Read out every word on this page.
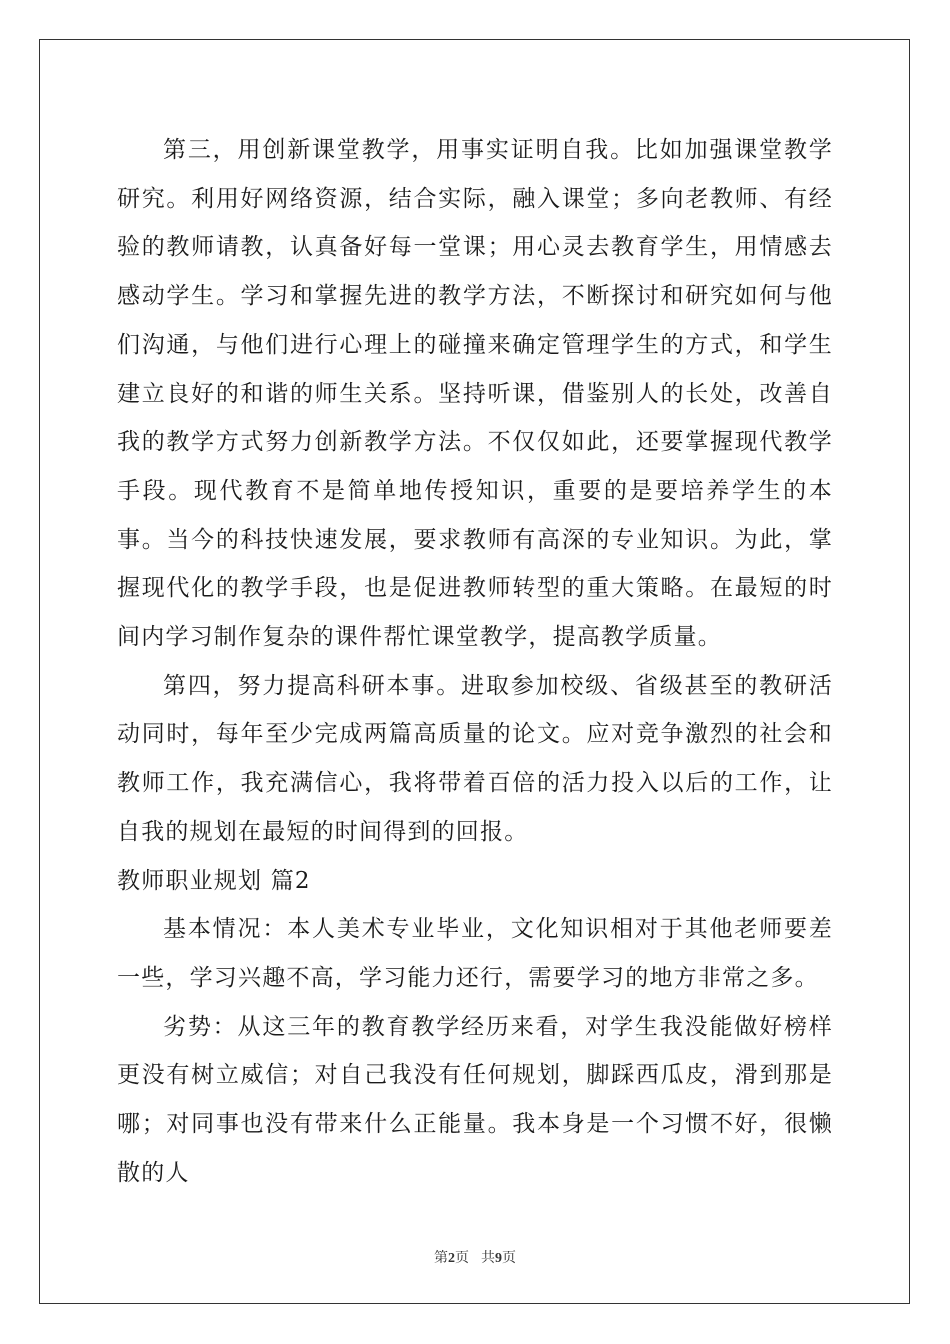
第三，用创新课堂教学，用事实证明自我。比如加强课堂教学研究。利用好网络资源，结合实际，融入课堂；多向老教师、有经验的教师请教，认真备好每一堂课；用心灵去教育学生，用情感去感动学生。学习和掌握先进的教学方法，不断探讨和研究如何与他们沟通，与他们进行心理上的碰撞来确定管理学生的方式，和学生建立良好的和谐的师生关系。坚持听课，借鉴别人的长处，改善自我的教学方式努力创新教学方法。不仅仅如此，还要掌握现代教学手段。现代教育不是简单地传授知识，重要的是要培养学生的本事。当今的科技快速发展，要求教师有高深的专业知识。为此，掌握现代化的教学手段，也是促进教师转型的重大策略。在最短的时间内学习制作复杂的课件帮忙课堂教学，提高教学质量。

第四，努力提高科研本事。进取参加校级、省级甚至的教研活动同时，每年至少完成两篇高质量的论文。应对竞争激烈的社会和教师工作，我充满信心，我将带着百倍的活力投入以后的工作，让自我的规划在最短的时间得到的回报。

教师职业规划 篇2

基本情况：本人美术专业毕业，文化知识相对于其他老师要差一些，学习兴趣不高，学习能力还行，需要学习的地方非常之多。

劣势：从这三年的教育教学经历来看，对学生我没能做好榜样更没有树立威信；对自己我没有任何规划，脚踩西瓜皮，滑到那是哪；对同事也没有带来什么正能量。我本身是一个习惯不好，很懒散的人

第2页 共9页
